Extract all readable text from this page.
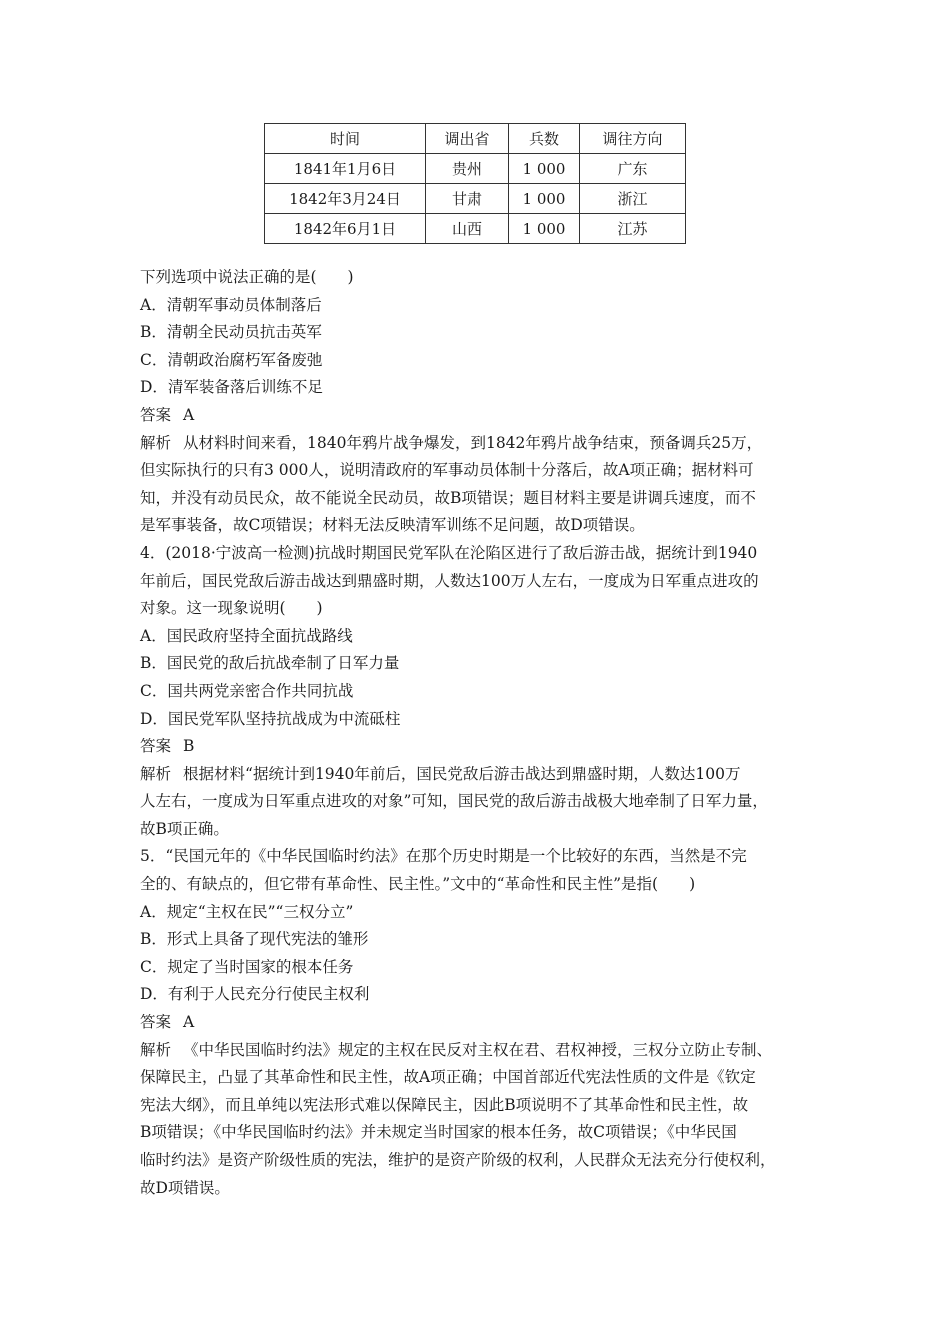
时间	调出省	兵数	调往方向
1841年1月6日	贵州	1 000	广东
1842年3月24日	甘肃	1 000	浙江
1842年6月1日	山西	1 000	江苏
下列选项中说法正确的是(　　)
A．清朝军事动员体制落后
B．清朝全民动员抗击英军
C．清朝政治腐朽军备废弛
D．清军装备落后训练不足
答案 A
解析 从材料时间来看，1840年鸦片战争爆发，到1842年鸦片战争结束，预备调兵25万，
但实际执行的只有3 000人，说明清政府的军事动员体制十分落后，故A项正确；据材料可
知，并没有动员民众，故不能说全民动员，故B项错误；题目材料主要是讲调兵速度，而不
是军事装备，故C项错误；材料无法反映清军训练不足问题，故D项错误。
4．(2018·宁波高一检测)抗战时期国民党军队在沦陷区进行了敌后游击战，据统计到1940
年前后，国民党敌后游击战达到鼎盛时期，人数达100万人左右，一度成为日军重点进攻的
对象。这一现象说明(　　)
A．国民政府坚持全面抗战路线
B．国民党的敌后抗战牵制了日军力量
C．国共两党亲密合作共同抗战
D．国民党军队坚持抗战成为中流砥柱
答案 B
解析 根据材料“据统计到1940年前后，国民党敌后游击战达到鼎盛时期，人数达100万
人左右，一度成为日军重点进攻的对象”可知，国民党的敌后游击战极大地牵制了日军力量，
故B项正确。
5．“民国元年的《中华民国临时约法》在那个历史时期是一个比较好的东西，当然是不完
全的、有缺点的，但它带有革命性、民主性。”文中的“革命性和民主性”是指(　　)
A．规定“主权在民”“三权分立”
B．形式上具备了现代宪法的雏形
C．规定了当时国家的根本任务
D．有利于人民充分行使民主权利
答案 A
解析 《中华民国临时约法》规定的主权在民反对主权在君、君权神授，三权分立防止专制、
保障民主，凸显了其革命性和民主性，故A项正确；中国首部近代宪法性质的文件是《钦定
宪法大纲》，而且单纯以宪法形式难以保障民主，因此B项说明不了其革命性和民主性，故
B项错误；《中华民国临时约法》并未规定当时国家的根本任务，故C项错误；《中华民国
临时约法》是资产阶级性质的宪法，维护的是资产阶级的权利，人民群众无法充分行使权利，
故D项错误。
